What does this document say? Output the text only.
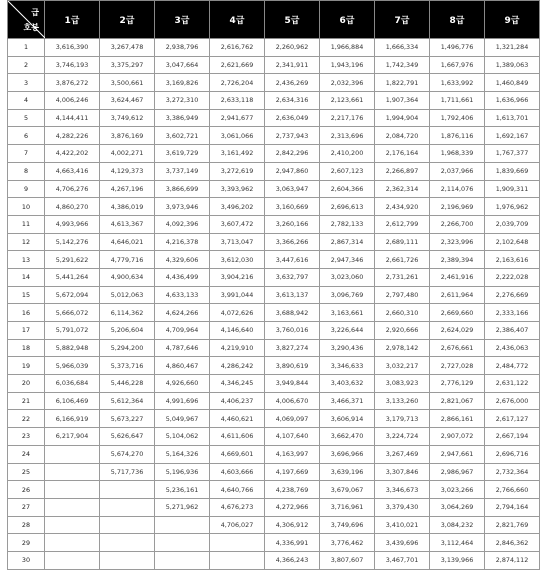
급
호봉	1급	2급	3급	4급	5급	6급	7급	8급	9급
1	3,616,390	3,267,478	2,938,796	2,616,762	2,260,962	1,966,884	1,666,334	1,496,776	1,321,284
2	3,746,193	3,375,297	3,047,664	2,621,669	2,341,911	1,943,196	1,742,349	1,667,976	1,389,063
3	3,876,272	3,500,661	3,169,826	2,726,204	2,436,269	2,032,396	1,822,791	1,633,992	1,460,849
4	4,006,246	3,624,467	3,272,310	2,633,118	2,634,316	2,123,661	1,907,364	1,711,661	1,636,966
5	4,144,411	3,749,612	3,386,949	2,941,677	2,636,049	2,217,176	1,994,904	1,792,406	1,613,701
6	4,282,226	3,876,169	3,602,721	3,061,066	2,737,943	2,313,696	2,084,720	1,876,116	1,692,167
7	4,422,202	4,002,271	3,619,729	3,161,492	2,842,296	2,410,200	2,176,164	1,968,339	1,767,377
8	4,663,416	4,129,373	3,737,149	3,272,619	2,947,860	2,607,123	2,266,897	2,037,966	1,839,669
9	4,706,276	4,267,196	3,866,699	3,393,962	3,063,947	2,604,366	2,362,314	2,114,076	1,909,311
10	4,860,270	4,386,019	3,973,946	3,496,202	3,160,669	2,696,613	2,434,920	2,196,969	1,976,962
11	4,993,966	4,613,367	4,092,396	3,607,472	3,260,166	2,782,133	2,612,799	2,266,700	2,039,709
12	5,142,276	4,646,021	4,216,378	3,713,047	3,366,266	2,867,314	2,689,111	2,323,996	2,102,648
13	5,291,622	4,779,716	4,329,606	3,612,030	3,447,616	2,947,346	2,661,726	2,389,394	2,163,616
14	5,441,264	4,900,634	4,436,499	3,904,216	3,632,797	3,023,060	2,731,261	2,461,916	2,222,028
15	5,672,094	5,012,063	4,633,133	3,991,044	3,613,137	3,096,769	2,797,480	2,611,964	2,276,669
16	5,666,072	6,114,362	4,624,266	4,072,626	3,688,942	3,163,661	2,660,310	2,669,660	2,333,166
17	5,791,072	5,206,604	4,709,964	4,146,640	3,760,016	3,226,644	2,920,666	2,624,029	2,386,407
18	5,882,948	5,294,200	4,787,646	4,219,910	3,827,274	3,290,436	2,978,142	2,676,661	2,436,063
19	5,966,039	5,373,716	4,860,467	4,286,242	3,890,619	3,346,633	3,032,217	2,727,028	2,484,772
20	6,036,684	5,446,228	4,926,660	4,346,245	3,949,844	3,403,632	3,083,923	2,776,129	2,631,122
21	6,106,469	5,612,364	4,991,696	4,406,237	4,006,670	3,466,371	3,133,260	2,821,067	2,676,000
22	6,166,919	5,673,227	5,049,967	4,460,621	4,069,097	3,606,914	3,179,713	2,866,161	2,617,127
23	6,217,904	5,626,647	5,104,062	4,611,606	4,107,640	3,662,470	3,224,724	2,907,072	2,667,194
24		5,674,270	5,164,326	4,669,601	4,163,997	3,696,966	3,267,469	2,947,661	2,696,716
25		5,717,736	5,196,936	4,603,666	4,197,669	3,639,196	3,307,846	2,986,967	2,732,364
26			5,236,161	4,640,766	4,238,769	3,679,067	3,346,673	3,023,266	2,766,660
27			5,271,962	4,676,273	4,272,966	3,716,961	3,379,430	3,064,269	2,794,164
28				4,706,027	4,306,912	3,749,696	3,410,021	3,084,232	2,821,769
29					4,336,991	3,776,462	3,439,696	3,112,464	2,846,362
30					4,366,243	3,807,607	3,467,701	3,139,966	2,874,112
